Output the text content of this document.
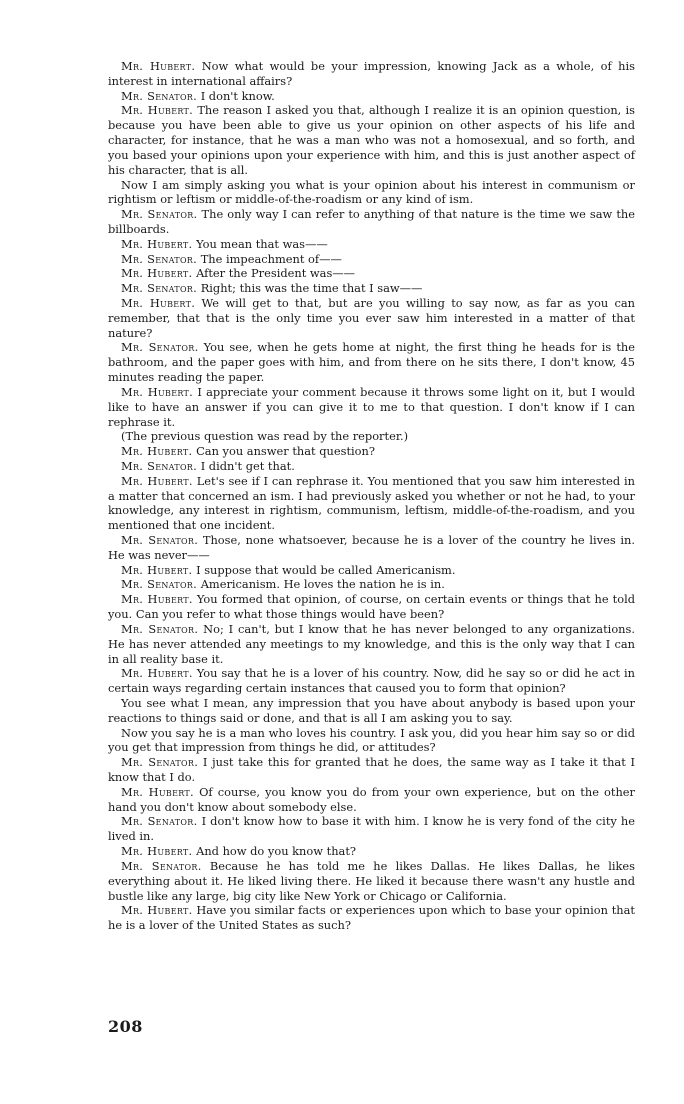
Mr. Hubert. Now what would be your impression, knowing Jack as a whole, of his interest in international affairs?

Mr. Senator. I don't know.

Mr. Hubert. The reason I asked you that, although I realize it is an opinion question, is because you have been able to give us your opinion on other aspects of his life and character, for instance, that he was a man who was not a homosexual, and so forth, and you based your opinions upon your experience with him, and this is just another aspect of his character, that is all.

Now I am simply asking you what is your opinion about his interest in communism or rightism or leftism or middle-of-the-roadism or any kind of ism.

Mr. Senator. The only way I can refer to anything of that nature is the time we saw the billboards.

Mr. Hubert. You mean that was——

Mr. Senator. The impeachment of——

Mr. Hubert. After the President was——

Mr. Senator. Right; this was the time that I saw——

Mr. Hubert. We will get to that, but are you willing to say now, as far as you can remember, that that is the only time you ever saw him interested in a matter of that nature?

Mr. Senator. You see, when he gets home at night, the first thing he heads for is the bathroom, and the paper goes with him, and from there on he sits there, I don't know, 45 minutes reading the paper.

Mr. Hubert. I appreciate your comment because it throws some light on it, but I would like to have an answer if you can give it to me to that question. I don't know if I can rephrase it.

(The previous question was read by the reporter.)

Mr. Hubert. Can you answer that question?

Mr. Senator. I didn't get that.

Mr. Hubert. Let's see if I can rephrase it. You mentioned that you saw him interested in a matter that concerned an ism. I had previously asked you whether or not he had, to your knowledge, any interest in rightism, communism, leftism, middle-of-the-roadism, and you mentioned that one incident.

Mr. Senator. Those, none whatsoever, because he is a lover of the country he lives in. He was never——

Mr. Hubert. I suppose that would be called Americanism.

Mr. Senator. Americanism. He loves the nation he is in.

Mr. Hubert. You formed that opinion, of course, on certain events or things that he told you. Can you refer to what those things would have been?

Mr. Senator. No; I can't, but I know that he has never belonged to any organizations. He has never attended any meetings to my knowledge, and this is the only way that I can in all reality base it.

Mr. Hubert. You say that he is a lover of his country. Now, did he say so or did he act in certain ways regarding certain instances that caused you to form that opinion?

You see what I mean, any impression that you have about anybody is based upon your reactions to things said or done, and that is all I am asking you to say.

Now you say he is a man who loves his country. I ask you, did you hear him say so or did you get that impression from things he did, or attitudes?

Mr. Senator. I just take this for granted that he does, the same way as I take it that I know that I do.

Mr. Hubert. Of course, you know you do from your own experience, but on the other hand you don't know about somebody else.

Mr. Senator. I don't know how to base it with him. I know he is very fond of the city he lived in.

Mr. Hubert. And how do you know that?

Mr. Senator. Because he has told me he likes Dallas. He likes Dallas, he likes everything about it. He liked living there. He liked it because there wasn't any hustle and bustle like any large, big city like New York or Chicago or California.

Mr. Hubert. Have you similar facts or experiences upon which to base your opinion that he is a lover of the United States as such?

208
